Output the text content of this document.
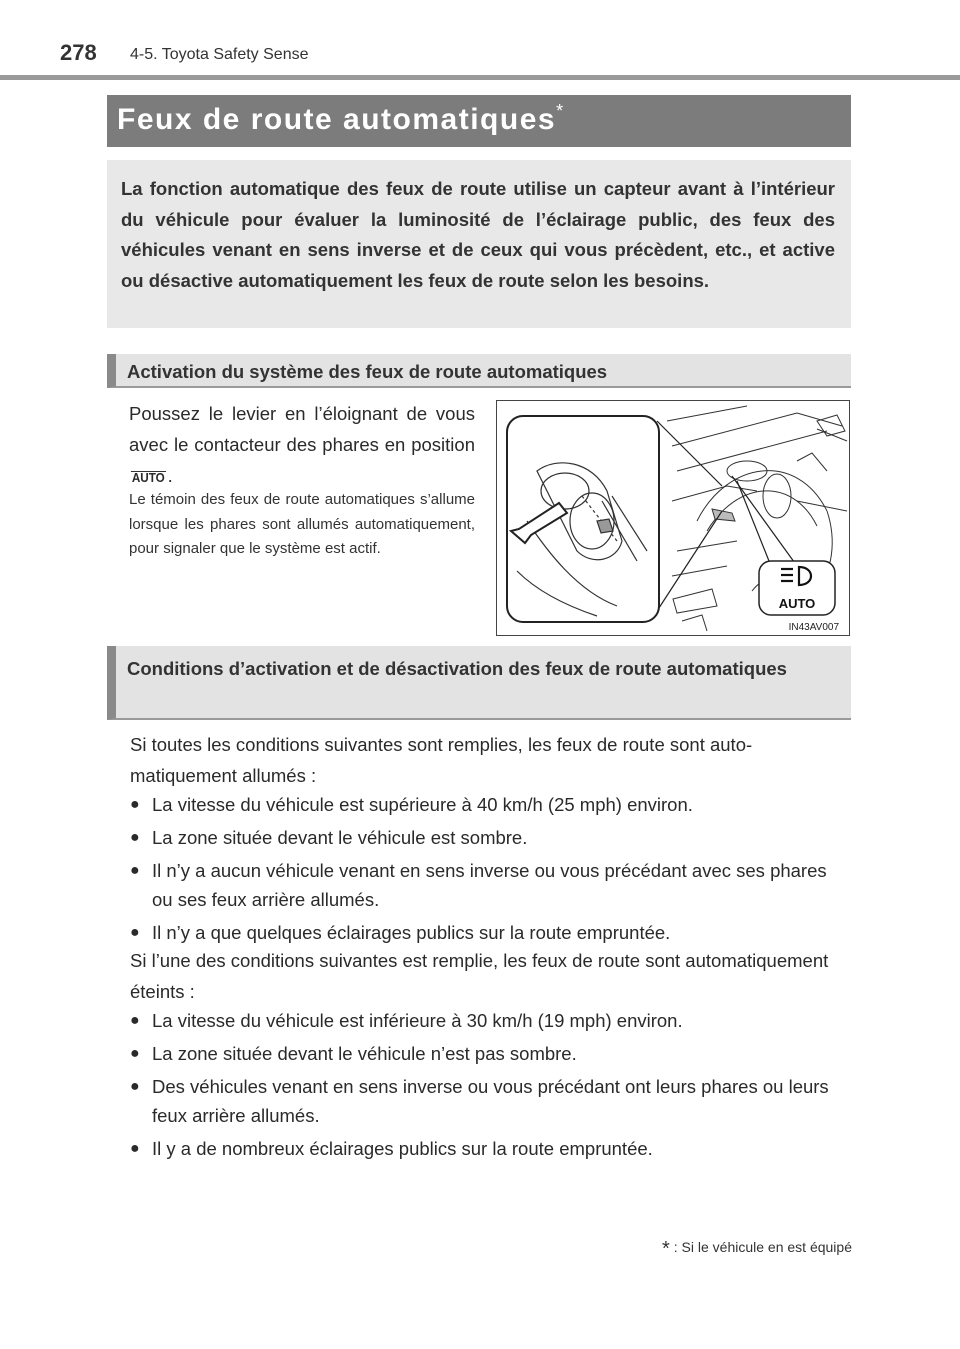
278 4-5. Toyota Safety Sense
Feux de route automatiques*

La fonction automatique des feux de route utilise un capteur avant à l’intérieur du véhicule pour évaluer la luminosité de l’éclairage public, des feux des véhicules venant en sens inverse et de ceux qui vous précèdent, etc., et active ou désactive automatiquement les feux de route selon les besoins.

Activation du système des feux de route automatiques
Poussez le levier en l’éloignant de vous avec le contacteur des phares en position AUTO .
Le témoin des feux de route automatiques s’allume lorsque les phares sont allumés automatiquement, pour signaler que le système est actif.
AUTO
IN43AV007
Conditions d’activation et de désactivation des feux de route automatiques
Si toutes les conditions suivantes sont remplies, les feux de route sont automatiquement allumés :
● La vitesse du véhicule est supérieure à 40 km/h (25 mph) environ.
● La zone située devant le véhicule est sombre.
● Il n’y a aucun véhicule venant en sens inverse ou vous précédant avec ses phares ou ses feux arrière allumés.
● Il n’y a que quelques éclairages publics sur la route empruntée.
Si l’une des conditions suivantes est remplie, les feux de route sont automatiquement éteints :
● La vitesse du véhicule est inférieure à 30 km/h (19 mph) environ.
● La zone située devant le véhicule n’est pas sombre.
● Des véhicules venant en sens inverse ou vous précédant ont leurs phares ou leurs feux arrière allumés.
● Il y a de nombreux éclairages publics sur la route empruntée.
* : Si le véhicule en est équipé
